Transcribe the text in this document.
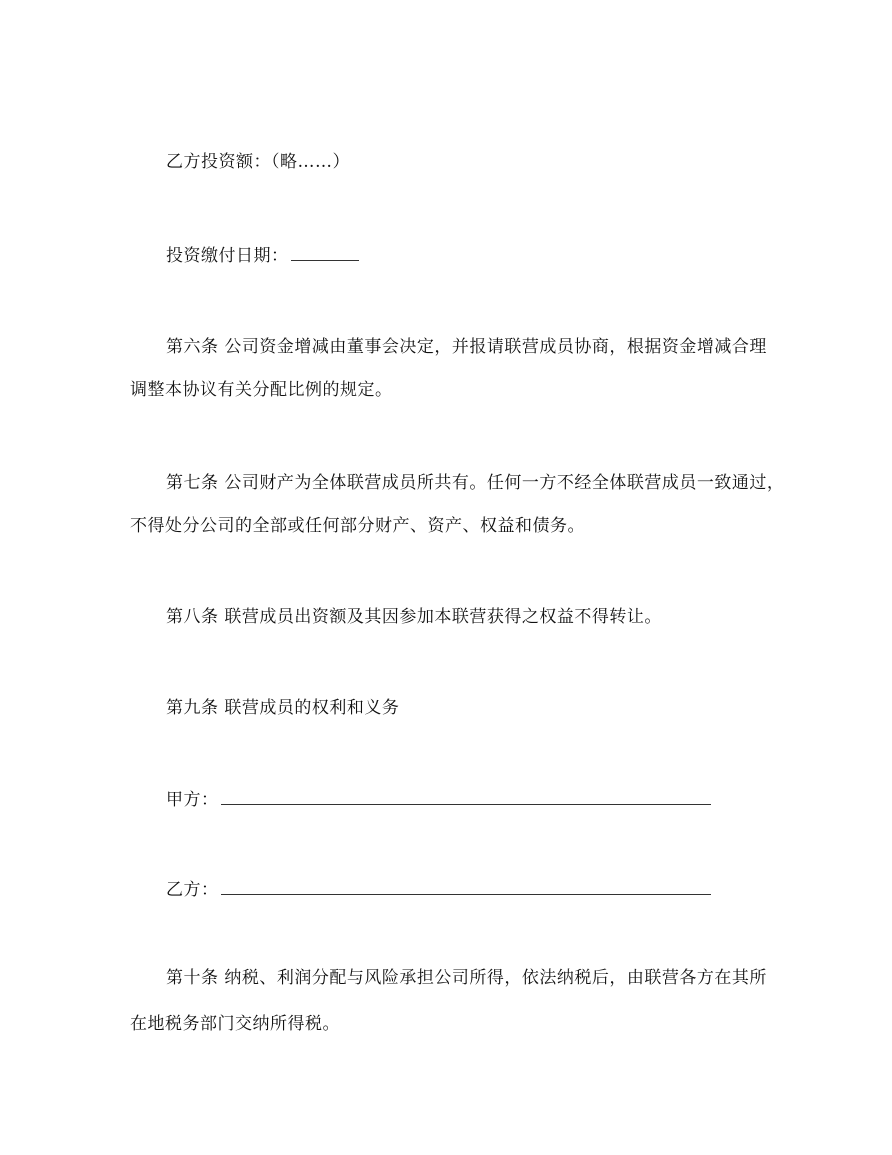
乙方投资额：（略……）
投资缴付日期：
第六条 公司资金增减由董事会决定，并报请联营成员协商，根据资金增减合理
调整本协议有关分配比例的规定。
第七条 公司财产为全体联营成员所共有。任何一方不经全体联营成员一致通过，
不得处分公司的全部或任何部分财产、资产、权益和债务。
第八条 联营成员出资额及其因参加本联营获得之权益不得转让。
第九条 联营成员的权利和义务
甲方：
乙方：
第十条 纳税、利润分配与风险承担公司所得，依法纳税后，由联营各方在其所
在地税务部门交纳所得税。
